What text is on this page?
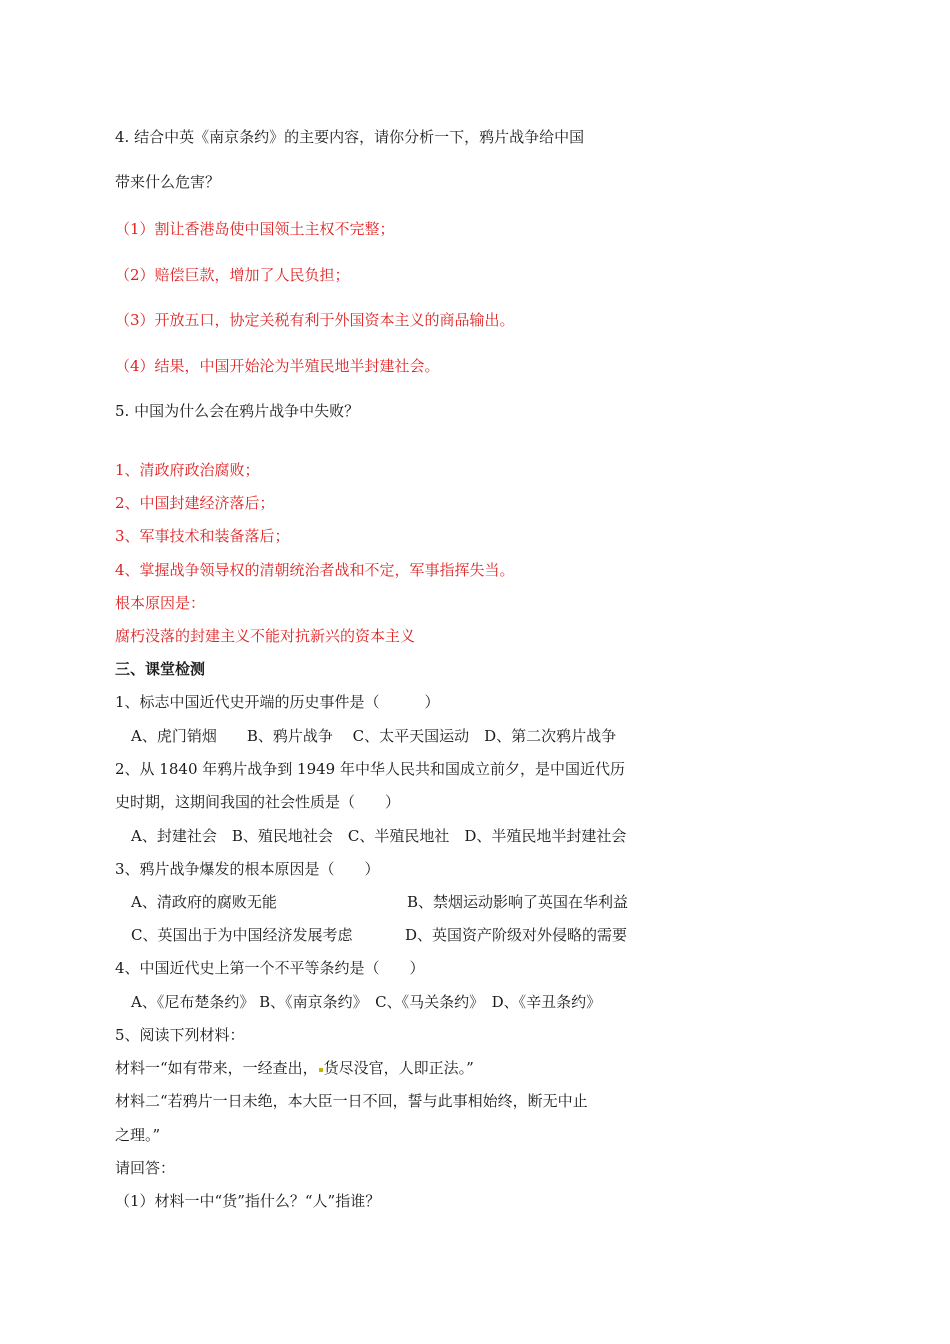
4. 结合中英《南京条约》的主要内容，请你分析一下，鸦片战争给中国
带来什么危害？
（1）割让香港岛使中国领土主权不完整；
（2）赔偿巨款，增加了人民负担；
（3）开放五口，协定关税有利于外国资本主义的商品输出。
（4）结果，中国开始沦为半殖民地半封建社会。
5. 中国为什么会在鸦片战争中失败？
1、清政府政治腐败；
2、中国封建经济落后；
3、军事技术和装备落后；
4、掌握战争领导权的清朝统治者战和不定，军事指挥失当。
根本原因是：
腐朽没落的封建主义不能对抗新兴的资本主义
三、课堂检测
1、标志中国近代史开端的历史事件是（　　　）
A、虎门销烟　　B、鸦片战争　 C、太平天国运动　D、第二次鸦片战争
2、从 1840 年鸦片战争到 1949 年中华人民共和国成立前夕，是中国近代历
史时期，这期间我国的社会性质是（　　）
A、封建社会　B、殖民地社会　C、半殖民地社　D、半殖民地半封建社会
3、鸦片战争爆发的根本原因是（　　）
A、清政府的腐败无能	B、禁烟运动影响了英国在华利益
C、英国出于为中国经济发展考虑	D、英国资产阶级对外侵略的需要
4、中国近代史上第一个不平等条约是（　　）
A、《尼布楚条约》 B、《南京条约》　C、《马关条约》　D、《辛丑条约》
5、阅读下列材料：
材料一“如有带来，一经查出， 货尽没官，人即正法。”
材料二“若鸦片一日未绝，本大臣一日不回，誓与此事相始终，断无中止
之理。”
请回答：
（1）材料一中“货”指什么？“人”指谁？
